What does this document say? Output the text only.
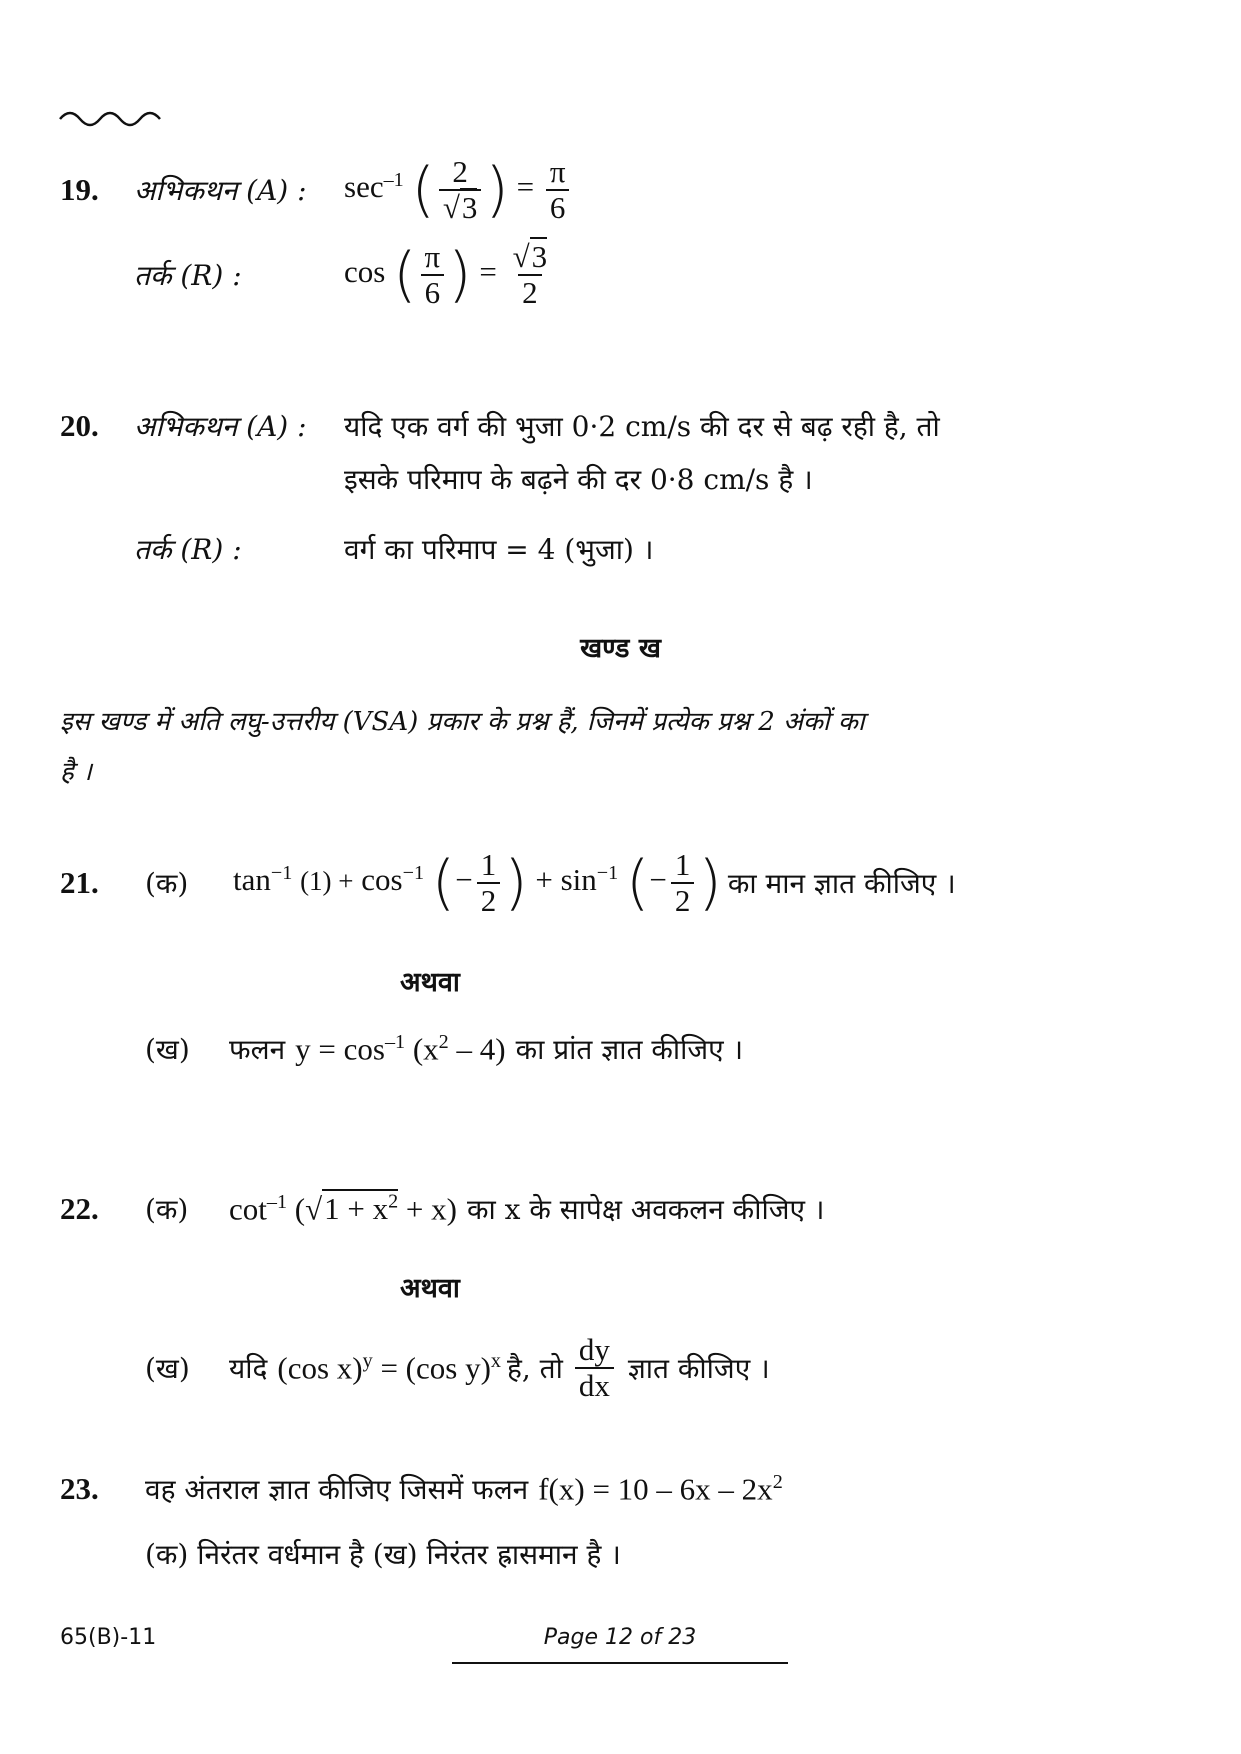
19.	अभिकथन (A) :	$\sec^{-1}$ ( $\frac{2}{√3}$ ) = $\frac{\pi}{6}$
तर्क (R) :	cos ( $\frac{\pi}{6}$ ) = $\frac{√3}{2}$
20.	अभिकथन (A) :	यदि एक वर्ग की भुजा 0·2 cm/s की दर से बढ़ रही है, तो
इसके परिमाप के बढ़ने की दर 0·8 cm/s है ।
तर्क (R) :	वर्ग का परिमाप = 4 (भुजा) ।
खण्ड ख
इस खण्ड में अति लघु-उत्तरीय (VSA) प्रकार के प्रश्न हैं, जिनमें प्रत्येक प्रश्न 2 अंकों का
है ।
21.	(क)	$\tan^{-1} (1) + \cos^{-1}$ (− $\frac{1}{2}$ ) + $\sin^{-1}$ (− $\frac{1}{2}$ ) का मान ज्ञात कीजिए ।
अथवा
(ख)	फलन $y = \cos^{-1} (x^2 - 4)$ का प्रांत ज्ञात कीजिए ।
22.	(क)	$\cot^{-1} (√1 + x^2 + x)$ का x के सापेक्ष अवकलन कीजिए ।
अथवा
(ख)	यदि (cos x)$^y$ = (cos y)$^x$ है, तो $\frac{dy}{dx}$ ज्ञात कीजिए ।
23.	वह अंतराल ज्ञात कीजिए जिसमें फलन $f(x) = 10 - 6x - 2x^2$
(क) निरंतर वर्धमान है (ख) निरंतर ह्रासमान है ।
65(B)-11	Page 12 of 23
